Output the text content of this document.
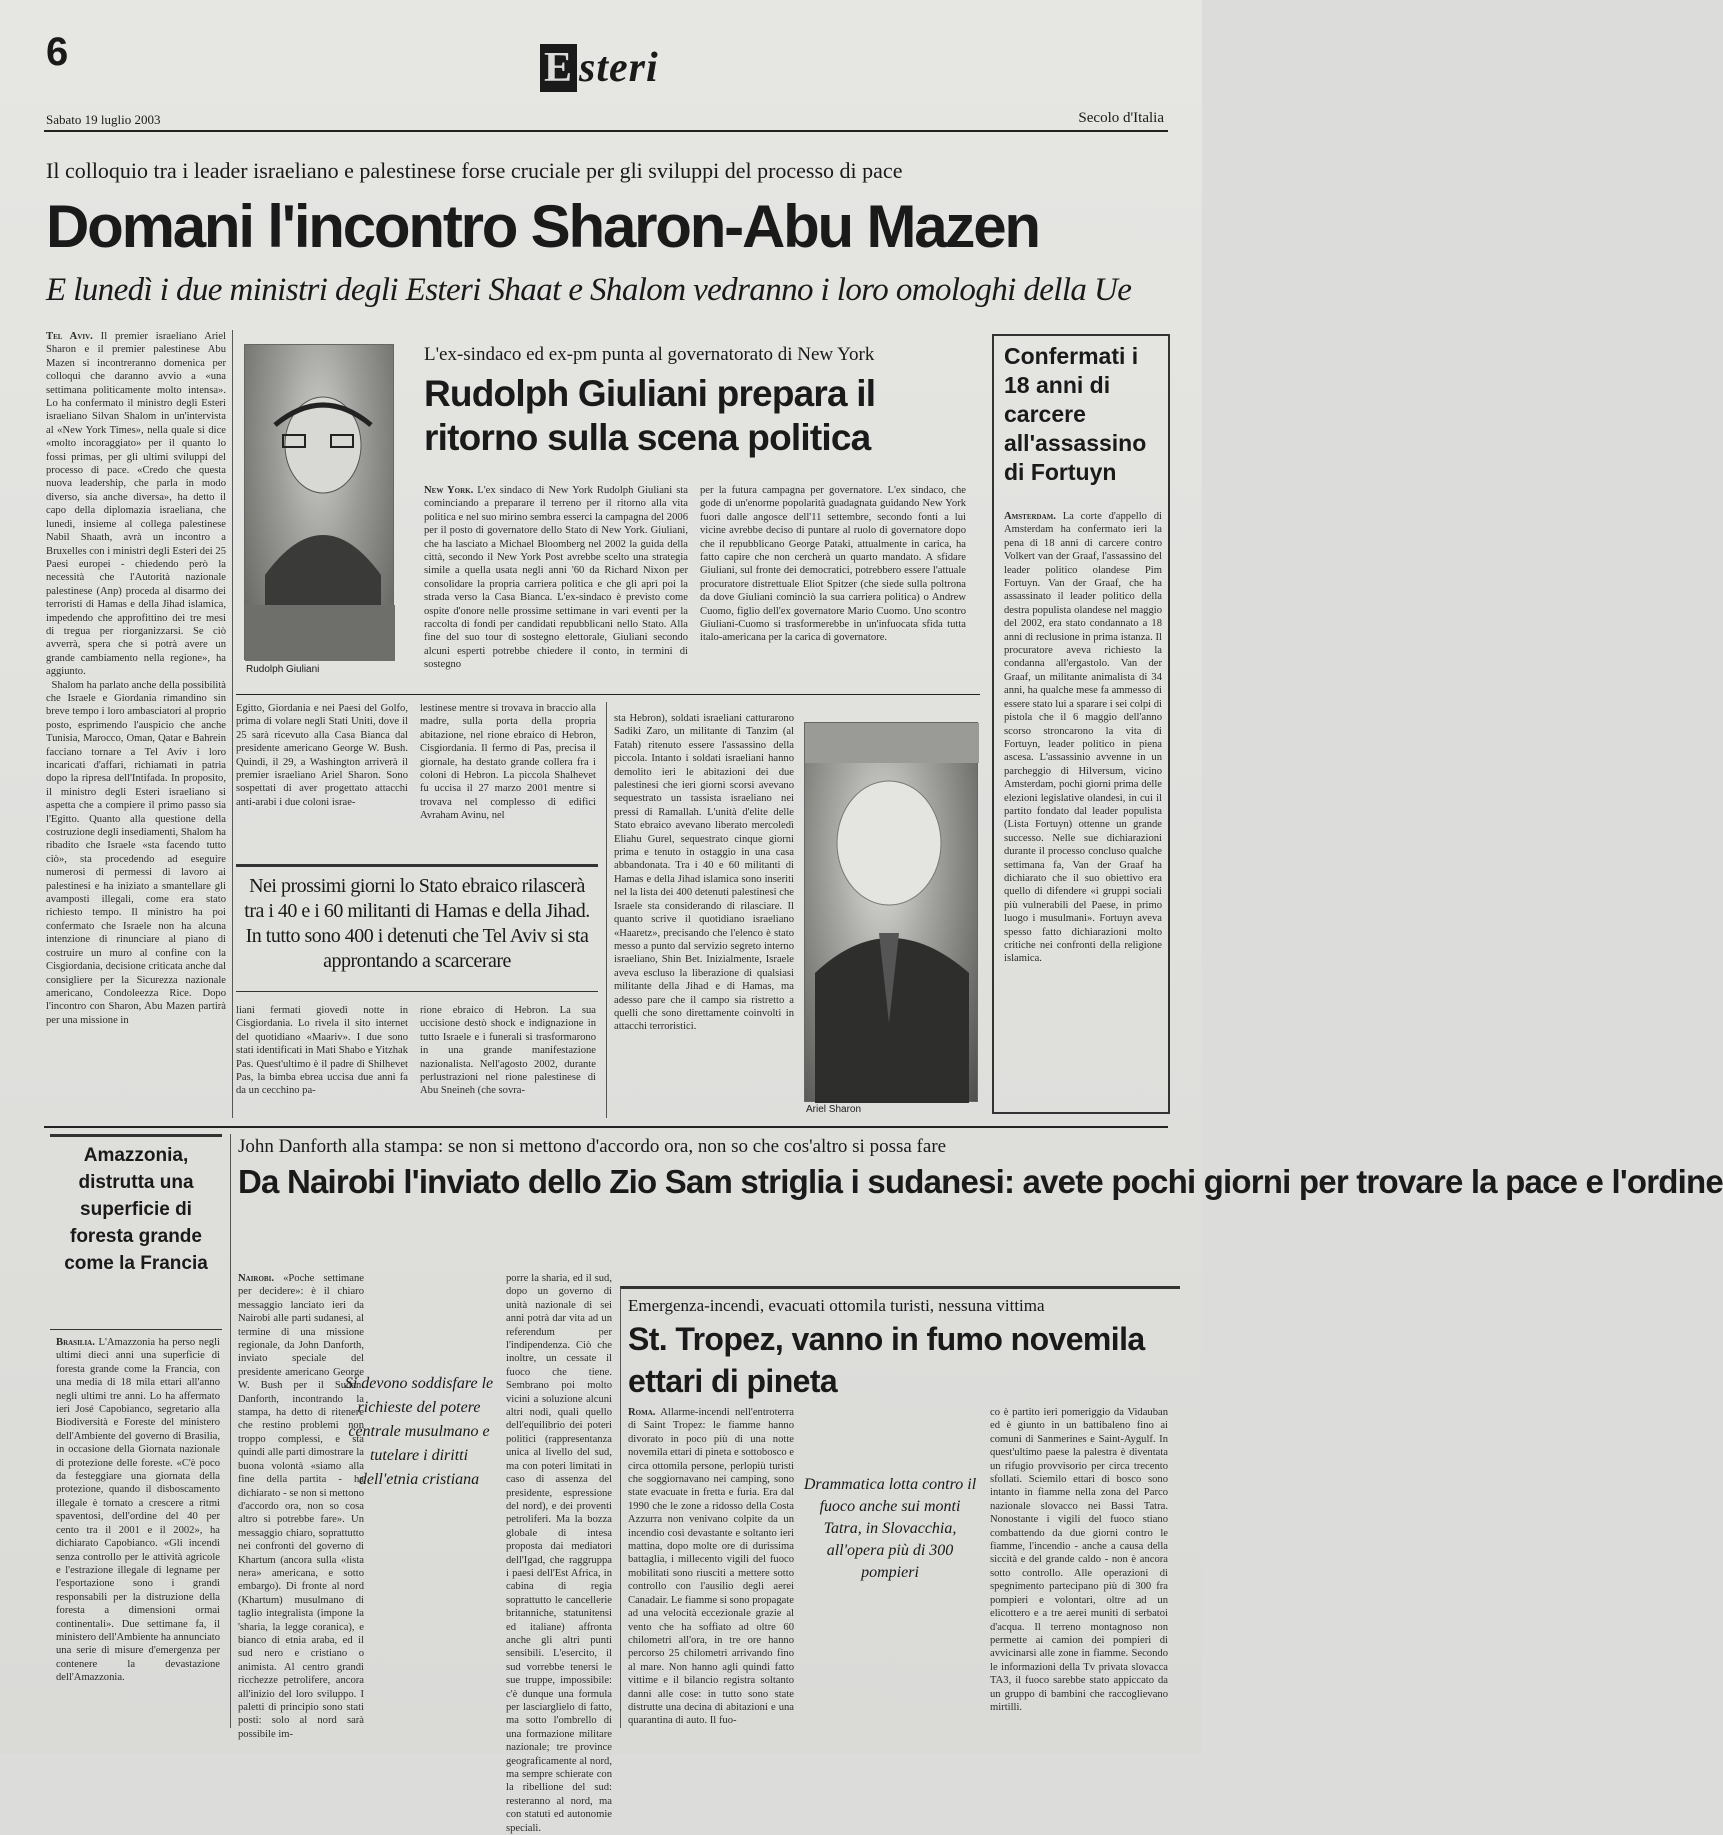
6	E steri
Sabato 19 luglio 2003	Secolo d'Italia
Il colloquio tra i leader israeliano e palestinese forse cruciale per gli sviluppi del processo di pace
Domani l'incontro Sharon-Abu Mazen
E lunedì i due ministri degli Esteri Shaat e Shalom vedranno i loro omologhi della Ue
Tel Aviv. Il premier israeliano Ariel Sharon e il premier palestinese Abu Mazen si incontreranno domenica per colloqui che daranno avvio a «una settimana politicamente molto intensa». Lo ha confermato il ministro degli Esteri israeliano Silvan Shalom in un'intervista al «New York Times», nella quale si dice «molto incoraggiato» per il quanto lo fossi primas, per gli ultimi sviluppi del processo di pace. «Credo che questa nuova leadership, che parla in modo diverso, sia anche diversa», ha detto il capo della diplomazia israeliana, che lunedì, insieme al collega palestinese Nabil Shaath, avrà un incontro a Bruxelles con i ministri degli Esteri dei 25 Paesi europei - chiedendo però la necessità che l'Autorità nazionale palestinese (Anp) proceda al disarmo dei terroristi di Hamas e della Jihad islamica, impedendo che approfittino dei tre mesi di tregua per riorganizzarsi. Se ciò avverrà, spera che si potrà avere un grande cambiamento nella regione», ha aggiunto.
Shalom ha parlato anche della possibilità che Israele e Giordania rimandino sin breve tempo i loro ambasciatori al proprio posto, esprimendo l'auspicio che anche Tunisia, Marocco, Oman, Qatar e Bahrein facciano tornare a Tel Aviv i loro incaricati d'affari, richiamati in patria dopo la ripresa dell'Intifada. In proposito, il ministro degli Esteri israeliano si aspetta che a compiere il primo passo sia l'Egitto. Quanto alla questione della costruzione degli insediamenti, Shalom ha ribadito che Israele «sta facendo tutto ciò», sta procedendo ad eseguire numerosi di permessi di lavoro ai palestinesi e ha iniziato a smantellare gli avamposti illegali, come era stato richiesto tempo. Il ministro ha poi confermato che Israele non ha alcuna intenzione di rinunciare al piano di costruire un muro al confine con la Cisgiordania, decisione criticata anche dal consigliere per la Sicurezza nazionale americano, Condoleezza Rice. Dopo l'incontro con Sharon, Abu Mazen partirà per una missione in
Rudolph Giuliani
L'ex-sindaco ed ex-pm punta al governatorato di New York
Rudolph Giuliani prepara il ritorno sulla scena politica
New York. L'ex sindaco di New York Rudolph Giuliani sta cominciando a preparare il terreno per il ritorno alla vita politica e nel suo mirino sembra esserci la campagna del 2006 per il posto di governatore dello Stato di New York. Giuliani, che ha lasciato a Michael Bloomberg nel 2002 la guida della città, secondo il New York Post avrebbe scelto una strategia simile a quella usata negli anni '60 da Richard Nixon per consolidare la propria carriera politica e che gli aprì poi la strada verso la Casa Bianca. L'ex-sindaco è previsto come ospite d'onore nelle prossime settimane in vari eventi per la raccolta di fondi per candidati repubblicani nello Stato. Alla fine del suo tour di sostegno elettorale, Giuliani secondo alcuni esperti potrebbe chiedere il conto, in termini di sostegno
per la futura campagna per governatore. L'ex sindaco, che gode di un'enorme popolarità guadagnata guidando New York fuori dalle angosce dell'11 settembre, secondo fonti a lui vicine avrebbe deciso di puntare al ruolo di governatore dopo che il repubblicano George Pataki, attualmente in carica, ha fatto capire che non cercherà un quarto mandato. A sfidare Giuliani, sul fronte dei democratici, potrebbero essere l'attuale procuratore distrettuale Eliot Spitzer (che siede sulla poltrona da dove Giuliani cominciò la sua carriera politica) o Andrew Cuomo, figlio dell'ex governatore Mario Cuomo. Uno scontro Giuliani-Cuomo si trasformerebbe in un'infuocata sfida tutta italo-americana per la carica di governatore.
Egitto, Giordania e nei Paesi del Golfo, prima di volare negli Stati Uniti, dove il 25 sarà ricevuto alla Casa Bianca dal presidente americano George W. Bush. Quindi, il 29, a Washington arriverà il premier israeliano Ariel Sharon. Sono sospettati di aver progettato attacchi anti-arabi i due coloni israe-
lestinese mentre si trovava in braccio alla madre, sulla porta della propria abitazione, nel rione ebraico di Hebron, Cisgiordania. Il fermo di Pas, precisa il giornale, ha destato grande collera fra i coloni di Hebron. La piccola Shalhevet fu uccisa il 27 marzo 2001 mentre si trovava nel complesso di edifici Avraham Avinu, nel
Nei prossimi giorni lo Stato ebraico rilascerà tra i 40 e i 60 militanti di Hamas e della Jihad. In tutto sono 400 i detenuti che Tel Aviv si sta approntando a scarcerare
liani fermati giovedì notte in Cisgiordania. Lo rivela il sito internet del quotidiano «Maariv». I due sono stati identificati in Mati Shabo e Yitzhak Pas. Quest'ultimo è il padre di Shilhevet Pas, la bimba ebrea uccisa due anni fa da un cecchino pa-
rione ebraico di Hebron. La sua uccisione destò shock e indignazione in tutto Israele e i funerali si trasformarono in una grande manifestazione nazionalista. Nell'agosto 2002, durante perlustrazioni nel rione palestinese di Abu Sneineh (che sovra-
sta Hebron), soldati israeliani catturarono Sadiki Zaro, un militante di Tanzim (al Fatah) ritenuto essere l'assassino della piccola. Intanto i soldati israeliani hanno demolito ieri le abitazioni dei due palestinesi che ieri giorni scorsi avevano sequestrato un tassista israeliano nei pressi di Ramallah. L'unità d'elite delle Stato ebraico avevano liberato mercoledì Eliahu Gurel, sequestrato cinque giorni prima e tenuto in ostaggio in una casa abbandonata. Tra i 40 e 60 militanti di Hamas e della Jihad islamica sono inseriti nel la lista dei 400 detenuti palestinesi che Israele sta considerando di rilasciare. Il quanto scrive il quotidiano israeliano «Haaretz», precisando che l'elenco è stato messo a punto dal servizio segreto interno israeliano, Shin Bet. Inizialmente, Israele aveva escluso la liberazione di qualsiasi militante della Jihad e di Hamas, ma adesso pare che il campo sia ristretto a quelli che sono direttamente coinvolti in attacchi terroristici.
Ariel Sharon
Confermati i 18 anni di carcere all'assassino di Fortuyn
Amsterdam. La corte d'appello di Amsterdam ha confermato ieri la pena di 18 anni di carcere contro Volkert van der Graaf, l'assassino del leader politico olandese Pim Fortuyn. Van der Graaf, che ha assassinato il leader politico della destra populista olandese nel maggio del 2002, era stato condannato a 18 anni di reclusione in prima istanza. Il procuratore aveva richiesto la condanna all'ergastolo. Van der Graaf, un militante animalista di 34 anni, ha qualche mese fa ammesso di essere stato lui a sparare i sei colpi di pistola che il 6 maggio dell'anno scorso stroncarono la vita di Fortuyn, leader politico in piena ascesa. L'assassinio avvenne in un parcheggio di Hilversum, vicino Amsterdam, pochi giorni prima delle elezioni legislative olandesi, in cui il partito fondato dal leader populista (Lista Fortuyn) ottenne un grande successo. Nelle sue dichiarazioni durante il processo concluso qualche settimana fa, Van der Graaf ha dichiarato che il suo obiettivo era quello di difendere «i gruppi sociali più vulnerabili del Paese, in primo luogo i musulmani». Fortuyn aveva spesso fatto dichiarazioni molto critiche nei confronti della religione islamica.
Amazzonia, distrutta una superficie di foresta grande come la Francia
Brasilia. L'Amazzonia ha perso negli ultimi dieci anni una superficie di foresta grande come la Francia, con una media di 18 mila ettari all'anno negli ultimi tre anni. Lo ha affermato ieri José Capobianco, segretario alla Biodiversità e Foreste del ministero dell'Ambiente del governo di Brasilia, in occasione della Giornata nazionale di protezione delle foreste. «C'è poco da festeggiare una giornata della protezione, quando il disboscamento illegale è tornato a crescere a ritmi spaventosi, dell'ordine del 40 per cento tra il 2001 e il 2002», ha dichiarato Capobianco. «Gli incendi senza controllo per le attività agricole e l'estrazione illegale di legname per l'esportazione sono i grandi responsabili per la distruzione della foresta a dimensioni ormai continentali». Due settimane fa, il ministero dell'Ambiente ha annunciato una serie di misure d'emergenza per contenere la devastazione dell'Amazzonia.
John Danforth alla stampa: se non si mettono d'accordo ora, non so che cos'altro si possa fare
Da Nairobi l'inviato dello Zio Sam striglia i sudanesi: avete pochi giorni per trovare la pace e l'ordine
Nairobi. «Poche settimane per decidere»: è il chiaro messaggio lanciato ieri da Nairobi alle parti sudanesi, al termine di una missione regionale, da John Danforth, inviato speciale del presidente americano George W. Bush per il Sudan. Danforth, incontrando la stampa, ha detto di ritenere che restino problemi non troppo complessi, e sta quindi alle parti dimostrare la buona volontà «siamo alla fine della partita - ha dichiarato - se non si mettono d'accordo ora, non so cosa altro si potrebbe fare». Un messaggio chiaro, soprattutto nei confronti del governo di Khartum (ancora sulla «lista nera» americana, e sotto embargo). Di fronte al nord (Khartum) musulmano di taglio integralista (impone la 'sharia, la legge coranica), e bianco di etnia araba, ed il sud nero e cristiano o animista. Al centro grandi ricchezze petrolifere, ancora all'inizio del loro sviluppo. I paletti di principio sono stati posti: solo al nord sarà possibile im-
Si devono soddisfare le richieste del potere centrale musulmano e tutelare i diritti dell'etnia cristiana
porre la sharia, ed il sud, dopo un governo di unità nazionale di sei anni potrà dar vita ad un referendum per l'indipendenza. Ciò che inoltre, un cessate il fuoco che tiene. Sembrano poi molto vicini a soluzione alcuni altri nodi, quali quello dell'equilibrio dei poteri politici (rappresentanza unica al livello del sud, ma con poteri limitati in caso di assenza del presidente, espressione del nord), e dei proventi petroliferi. Ma la bozza globale di intesa proposta dai mediatori dell'Igad, che raggruppa i paesi dell'Est Africa, in cabina di regia soprattutto le cancellerie britanniche, statunitensi ed italiane) affronta anche gli altri punti sensibili. L'esercito, il sud vorrebbe tenersi le sue truppe, impossibile: c'è dunque una formula per lasciarglielo di fatto, ma sotto l'ombrello di una formazione militare nazionale; tre province geograficamente al nord, ma sempre schierate con la ribellione del sud: resteranno al nord, ma con statuti ed autonomie speciali.
Emergenza-incendi, evacuati ottomila turisti, nessuna vittima
St. Tropez, vanno in fumo novemila ettari di pineta
Roma. Allarme-incendi nell'entroterra di Saint Tropez: le fiamme hanno divorato in poco più di una notte novemila ettari di pineta e sottobosco e circa ottomila persone, perlopiù turisti che soggiornavano nei camping, sono state evacuate in fretta e furia. Era dal 1990 che le zone a ridosso della Costa Azzurra non venivano colpite da un incendio così devastante e soltanto ieri mattina, dopo molte ore di durissima battaglia, i millecento vigili del fuoco mobilitati sono riusciti a mettere sotto controllo con l'ausilio degli aerei Canadair. Le fiamme si sono propagate ad una velocità eccezionale grazie al vento che ha soffiato ad oltre 60 chilometri all'ora, in tre ore hanno percorso 25 chilometri arrivando fino al mare. Non hanno agli quindi fatto vittime e il bilancio registra soltanto danni alle cose: in tutto sono state distrutte una decina di abitazioni e una quarantina di auto. Il fuo-
Drammatica lotta contro il fuoco anche sui monti Tatra, in Slovacchia, all'opera più di 300 pompieri
co è partito ieri pomeriggio da Vidauban ed è giunto in un battibaleno fino ai comuni di Sanmerines e Saint-Aygulf. In quest'ultimo paese la palestra è diventata un rifugio provvisorio per circa trecento sfollati. Sciemilo ettari di bosco sono intanto in fiamme nella zona del Parco nazionale slovacco nei Bassi Tatra. Nonostante i vigili del fuoco stiano combattendo da due giorni contro le fiamme, l'incendio - anche a causa della siccità e del grande caldo - non è ancora sotto controllo. Alle operazioni di spegnimento partecipano più di 300 fra pompieri e volontari, oltre ad un elicottero e a tre aerei muniti di serbatoi d'acqua. Il terreno montagnoso non permette ai camion dei pompieri di avvicinarsi alle zone in fiamme. Secondo le informazioni della Tv privata slovacca TA3, il fuoco sarebbe stato appiccato da un gruppo di bambini che raccoglievano mirtilli.
